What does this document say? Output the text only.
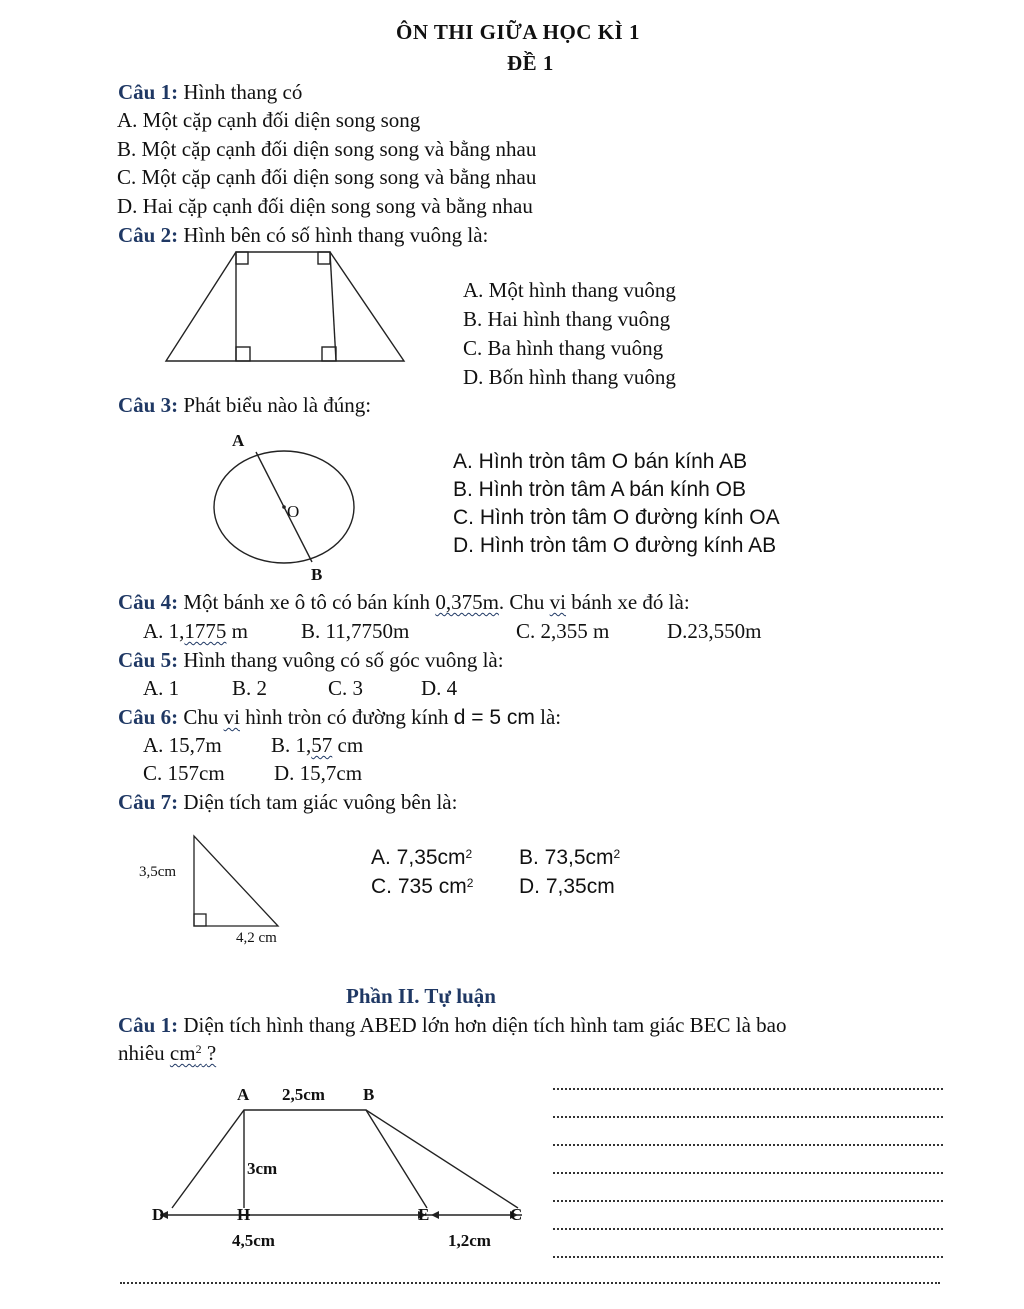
ÔN THI GIỮA HỌC KÌ 1
ĐỀ 1
Câu 1: Hình thang có
A. Một cặp cạnh đối diện song song
B. Một cặp cạnh đối diện song song và bằng nhau
C. Một cặp cạnh đối diện song song và bằng nhau
D. Hai cặp cạnh đối diện song song và bằng nhau
Câu 2: Hình bên có số hình thang vuông là:
A. Một hình thang vuông
B. Hai hình thang vuông
C. Ba hình thang vuông
D. Bốn hình thang vuông
Câu 3: Phát biểu nào là đúng:
A
O
B
A. Hình tròn tâm O bán kính AB
B. Hình tròn tâm A bán kính OB
C. Hình tròn tâm O đường kính OA
D. Hình tròn tâm O đường kính AB
Câu 4: Một bánh xe ô tô có bán kính 0,375m. Chu vi bánh xe đó là:
A. 1,1775 m	B. 11,7750m	C. 2,355 m	D.23,550m
Câu 5: Hình thang vuông có số góc vuông là:
A. 1	B. 2	C. 3	D. 4
Câu 6: Chu vi hình tròn có đường kính d = 5 cm là:
A. 15,7m B. 1,57 cm
C. 157cm D. 15,7cm
Câu 7: Diện tích tam giác vuông bên là:
3,5cm
4,2 cm
A. $7,35cm^2$ B. $73,5cm^2$
C. 735 $cm^2$ D. 7,35cm
Phần II. Tự luận
Câu 1: Diện tích hình thang ABED lớn hơn diện tích hình tam giác BEC là bao
nhiêu $cm^2$ ?
A 2,5cm B
3cm
D	H	E	C
4,5cm	1,2cm
